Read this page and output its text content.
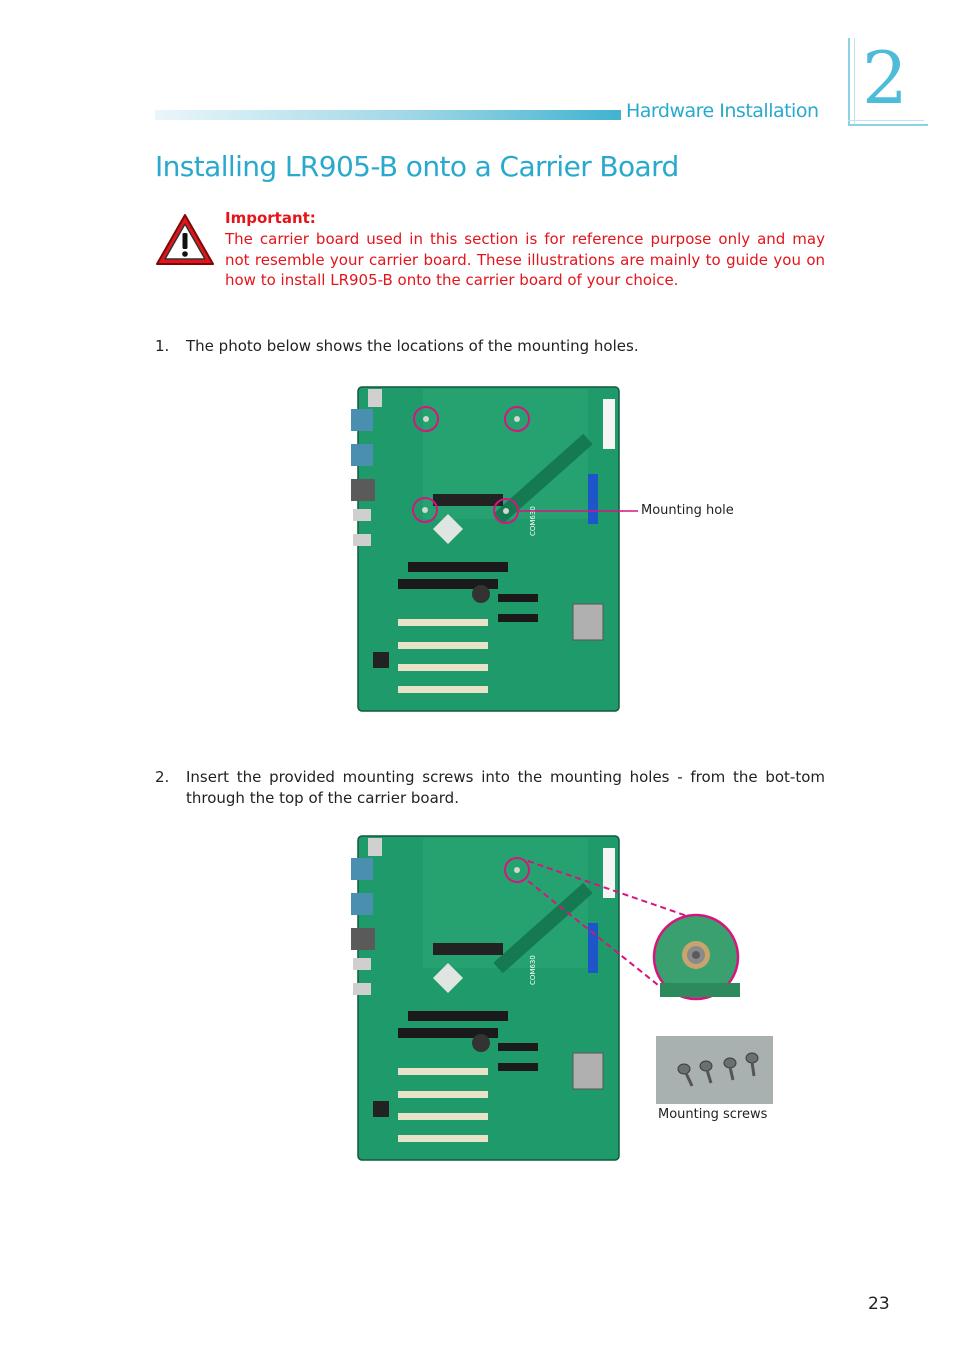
Hardware Installation 2
Installing LR905-B onto a Carrier Board
Important:
The carrier board used in this section is for reference purpose only and may not resemble your carrier board. These illustrations are mainly to guide you on how to install LR905-B onto the carrier board of your choice.
1. The photo below shows the locations of the mounting holes.
COM630	Mounting hole
2. Insert the provided mounting screws into the mounting holes - from the bot-tom through the top of the carrier board.
COM630
Mounting screws
23
